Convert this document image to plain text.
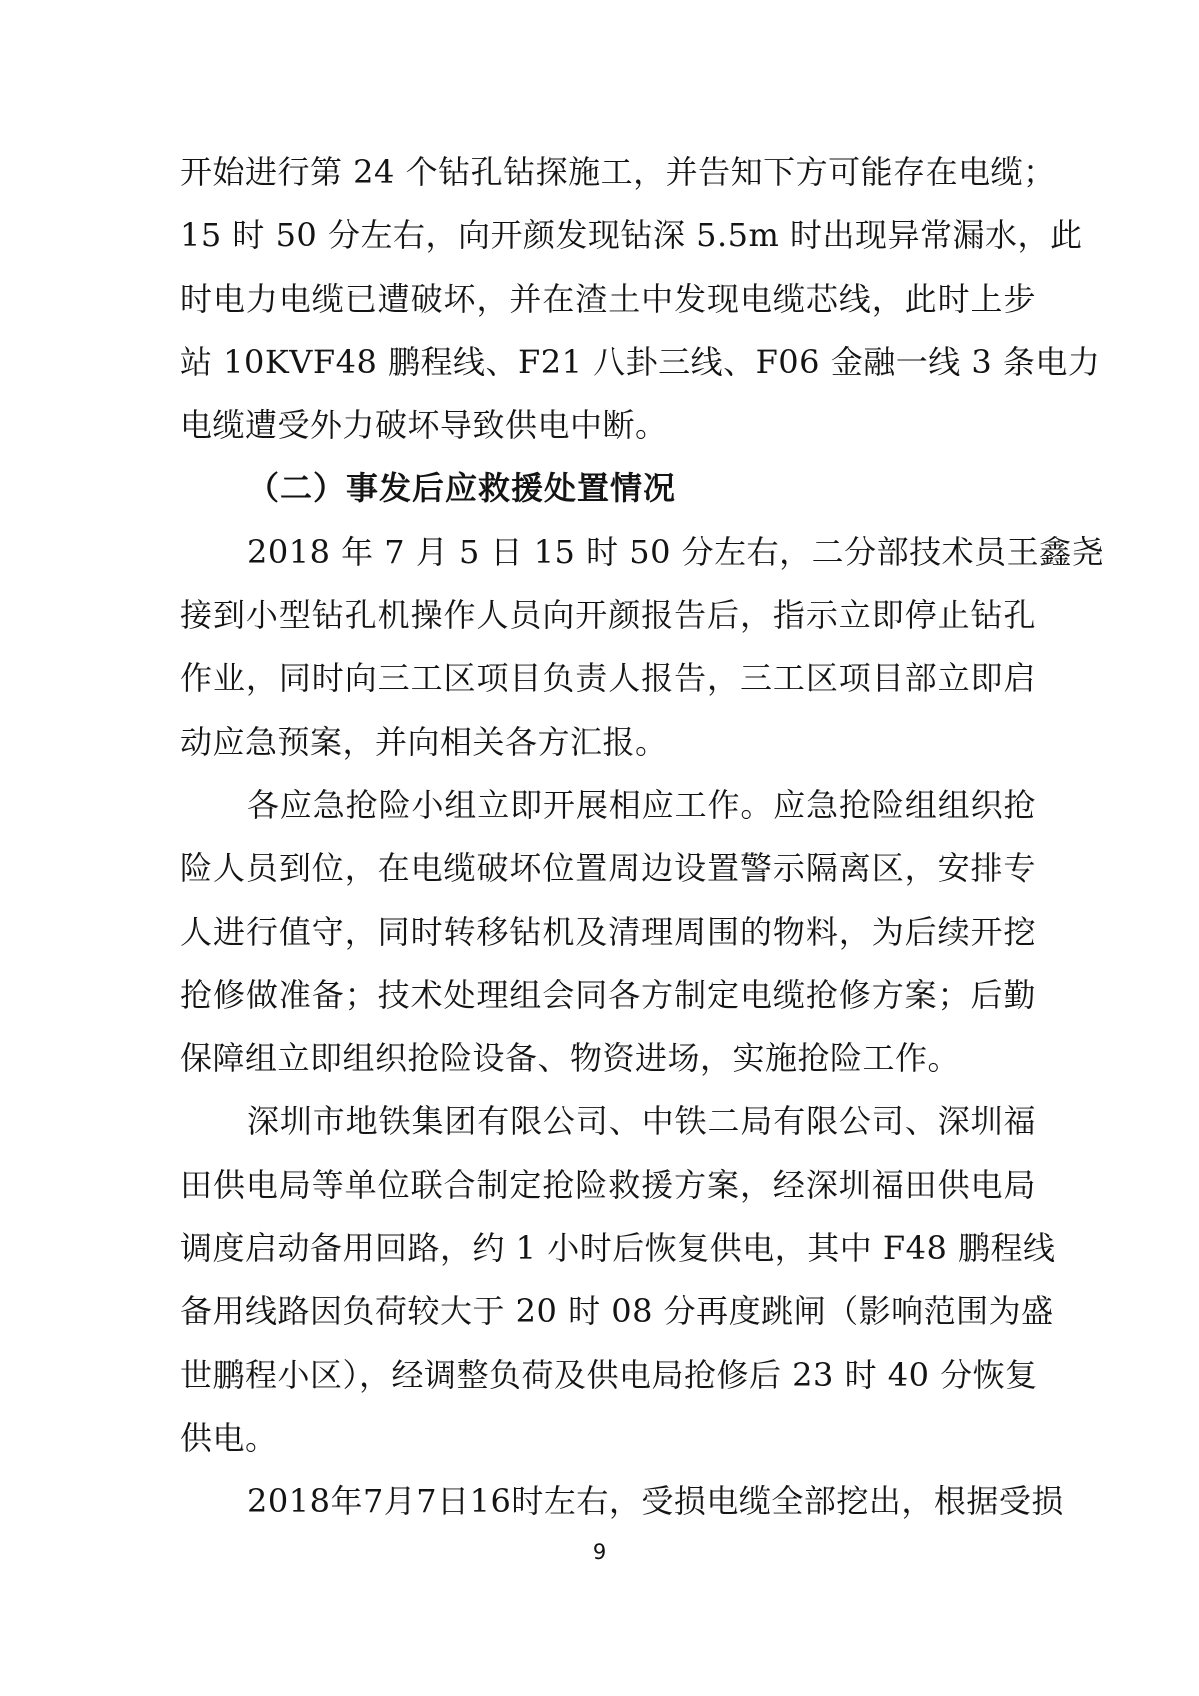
开始进行第 24 个钻孔钻探施工，并告知下方可能存在电缆；
15 时 50 分左右，向开颜发现钻深 5.5m 时出现异常漏水，此
时电力电缆已遭破坏，并在渣土中发现电缆芯线，此时上步
站 10KVF48 鹏程线、F21 八卦三线、F06 金融一线 3 条电力
电缆遭受外力破坏导致供电中断。
（二）事发后应救援处置情况
2018 年 7 月 5 日 15 时 50 分左右，二分部技术员王鑫尧
接到小型钻孔机操作人员向开颜报告后，指示立即停止钻孔
作业，同时向三工区项目负责人报告，三工区项目部立即启
动应急预案，并向相关各方汇报。
各应急抢险小组立即开展相应工作。应急抢险组组织抢
险人员到位，在电缆破坏位置周边设置警示隔离区，安排专
人进行值守，同时转移钻机及清理周围的物料，为后续开挖
抢修做准备；技术处理组会同各方制定电缆抢修方案；后勤
保障组立即组织抢险设备、物资进场，实施抢险工作。
深圳市地铁集团有限公司、中铁二局有限公司、深圳福
田供电局等单位联合制定抢险救援方案，经深圳福田供电局
调度启动备用回路，约 1 小时后恢复供电，其中 F48 鹏程线
备用线路因负荷较大于 20 时 08 分再度跳闸（影响范围为盛
世鹏程小区），经调整负荷及供电局抢修后 23 时 40 分恢复
供电。
2018年7月7日16时左右，受损电缆全部挖出，根据受损
9
